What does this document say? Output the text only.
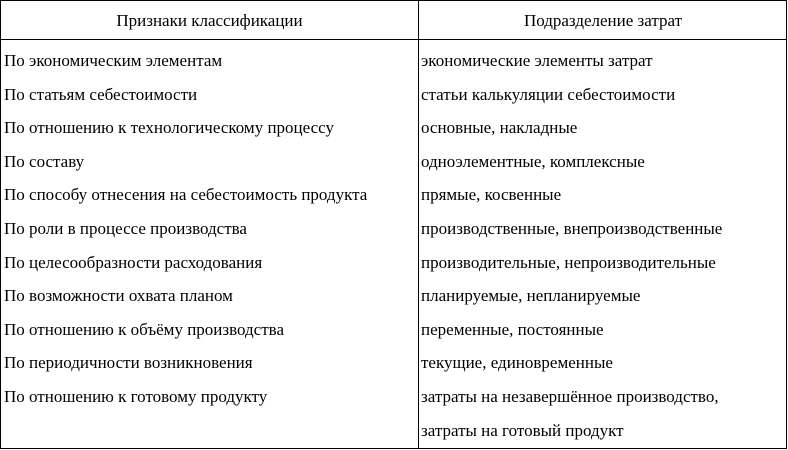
Признаки классификации	Подразделение затрат
По экономическим элементам
По статьям себестоимости
По отношению к технологическому процессу
По составу
По способу отнесения на себестоимость продукта
По роли в процессе производства
По целесообразности расходования
По возможности охвата планом
По отношению к объёму производства
По периодичности возникновения
По отношению к готовому продукту
экономические элементы затрат
статьи калькуляции себестоимости
основные, накладные
одноэлементные, комплексные
прямые, косвенные
производственные, внепроизводственные
производительные, непроизводительные
планируемые, непланируемые
переменные, постоянные
текущие, единовременные
затраты на незавершённое производство,
затраты на готовый продукт
